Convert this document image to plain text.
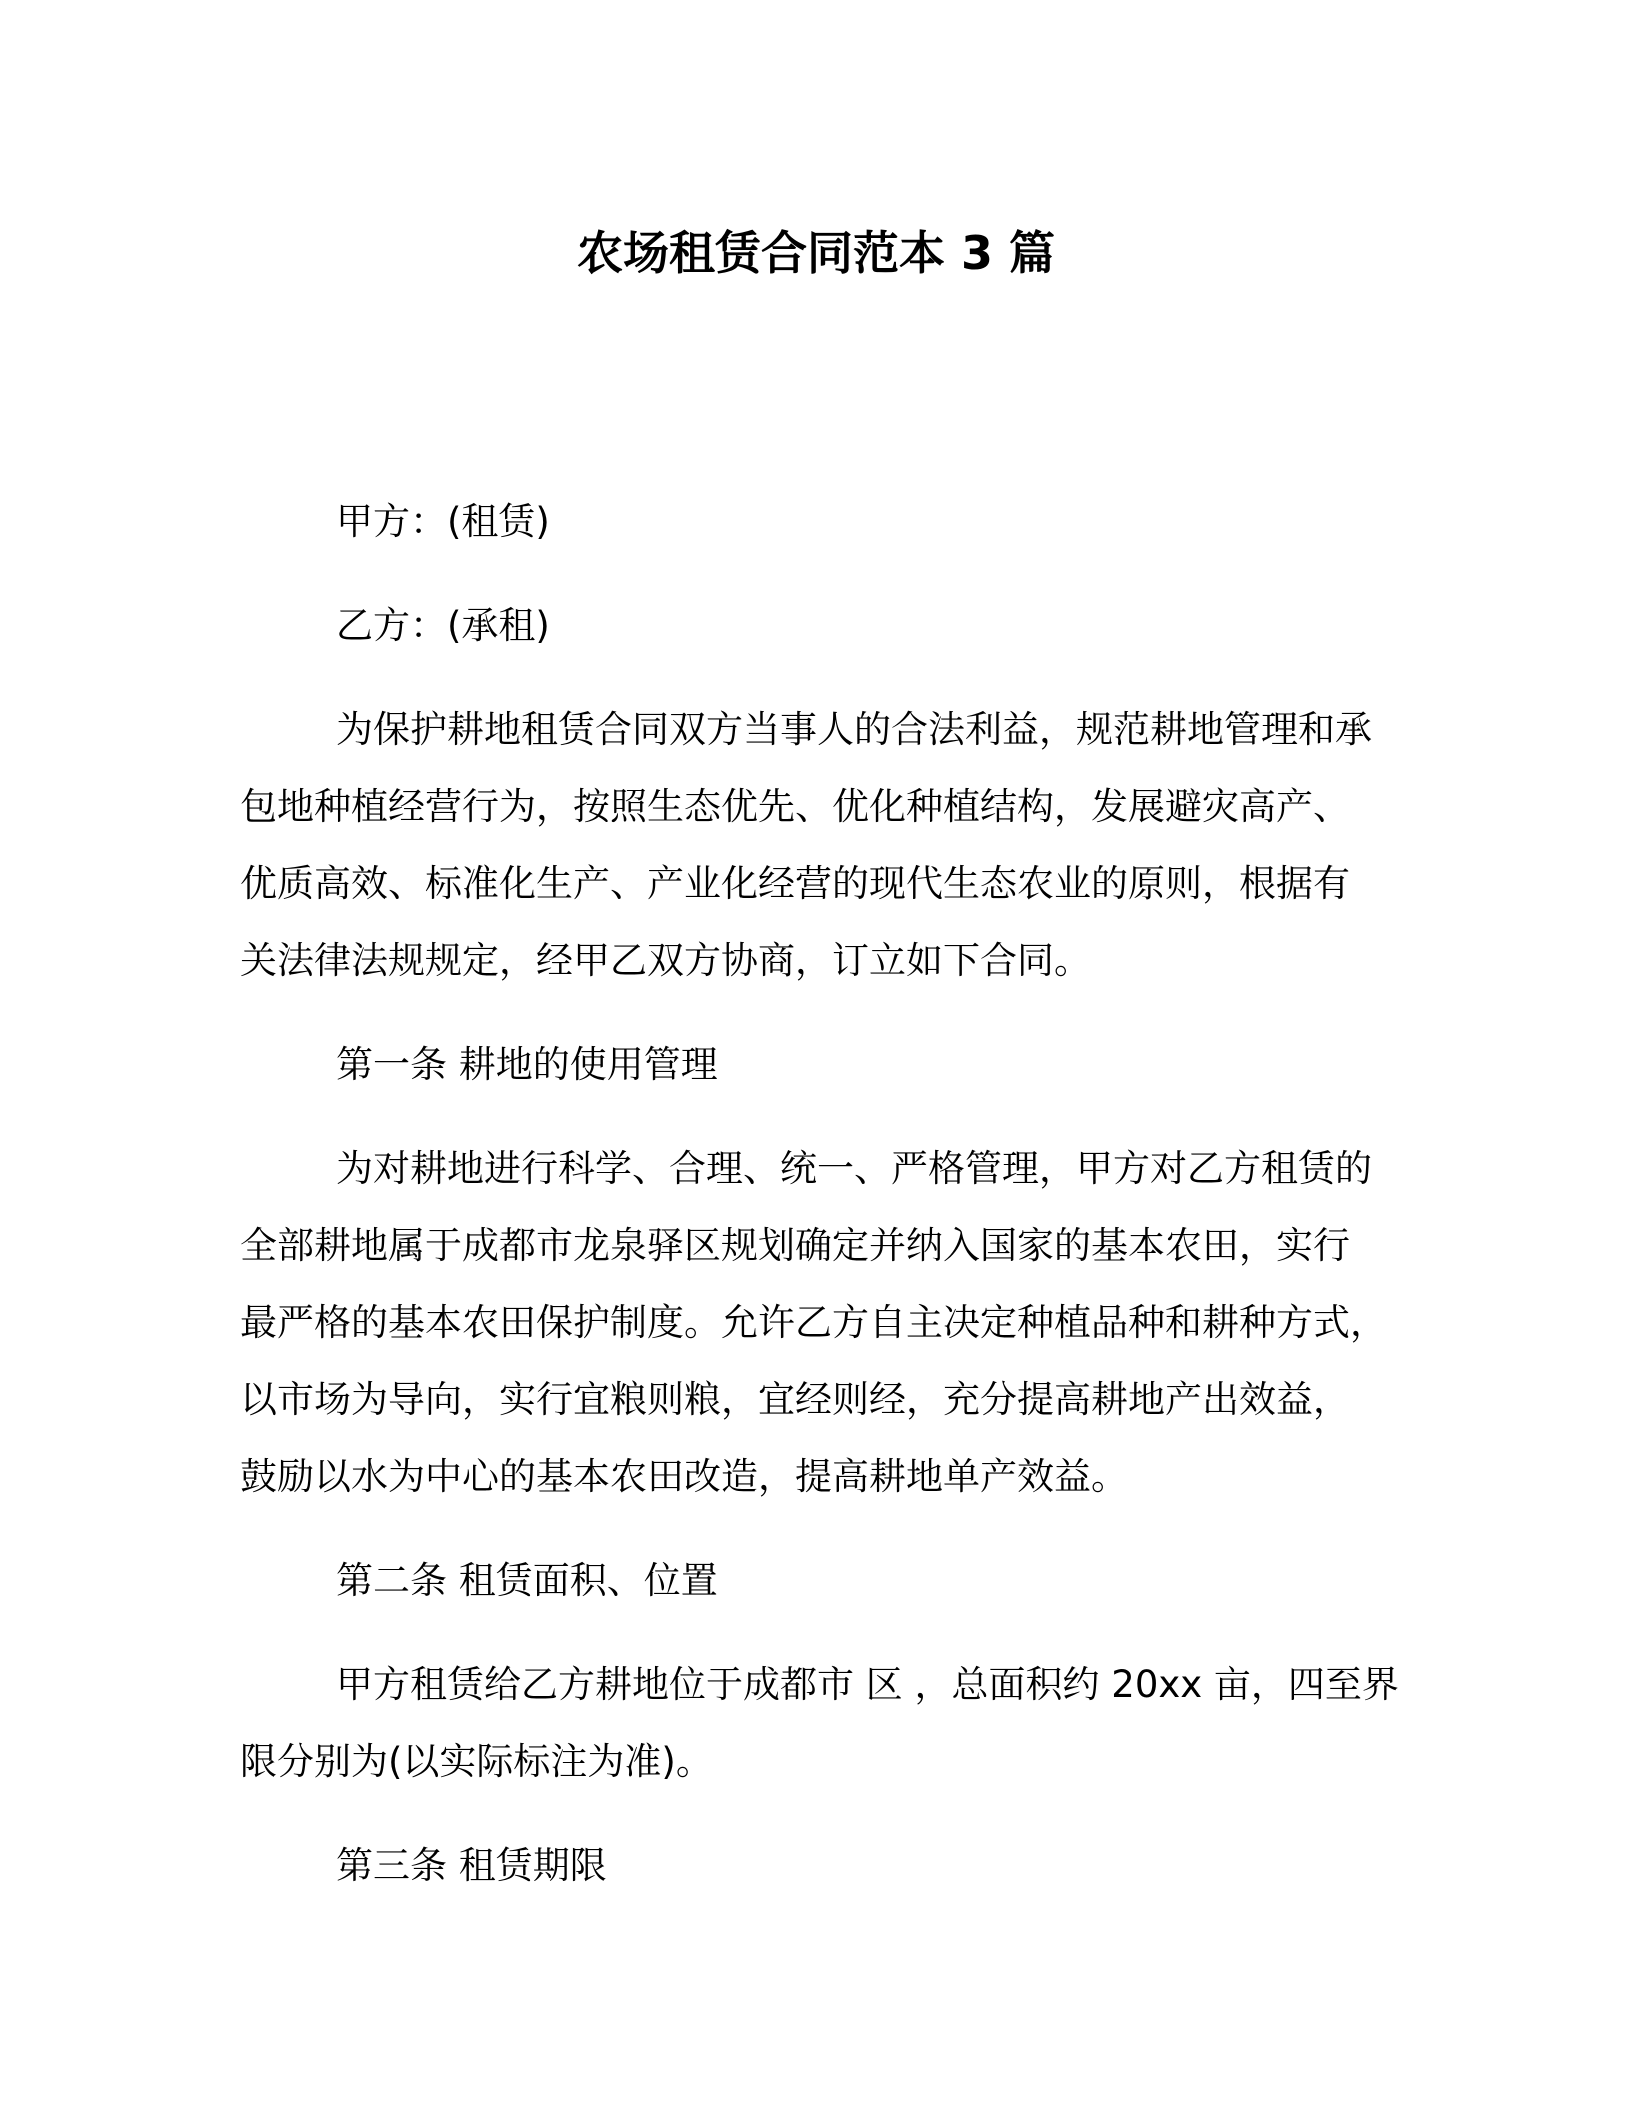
农场租赁合同范本 3 篇

甲方：(租赁)

乙方：(承租)

为保护耕地租赁合同双方当事人的合法利益，规范耕地管理和承
包地种植经营行为，按照生态优先、优化种植结构，发展避灾高产、
优质高效、标准化生产、产业化经营的现代生态农业的原则，根据有
关法律法规规定，经甲乙双方协商，订立如下合同。

第一条 耕地的使用管理

为对耕地进行科学、合理、统一、严格管理，甲方对乙方租赁的
全部耕地属于成都市龙泉驿区规划确定并纳入国家的基本农田，实行
最严格的基本农田保护制度。允许乙方自主决定种植品种和耕种方式，
以市场为导向，实行宜粮则粮，宜经则经，充分提高耕地产出效益，
鼓励以水为中心的基本农田改造，提高耕地单产效益。

第二条 租赁面积、位置

甲方租赁给乙方耕地位于成都市 区 ，总面积约 20xx 亩，四至界
限分别为(以实际标注为准)。

第三条 租赁期限
